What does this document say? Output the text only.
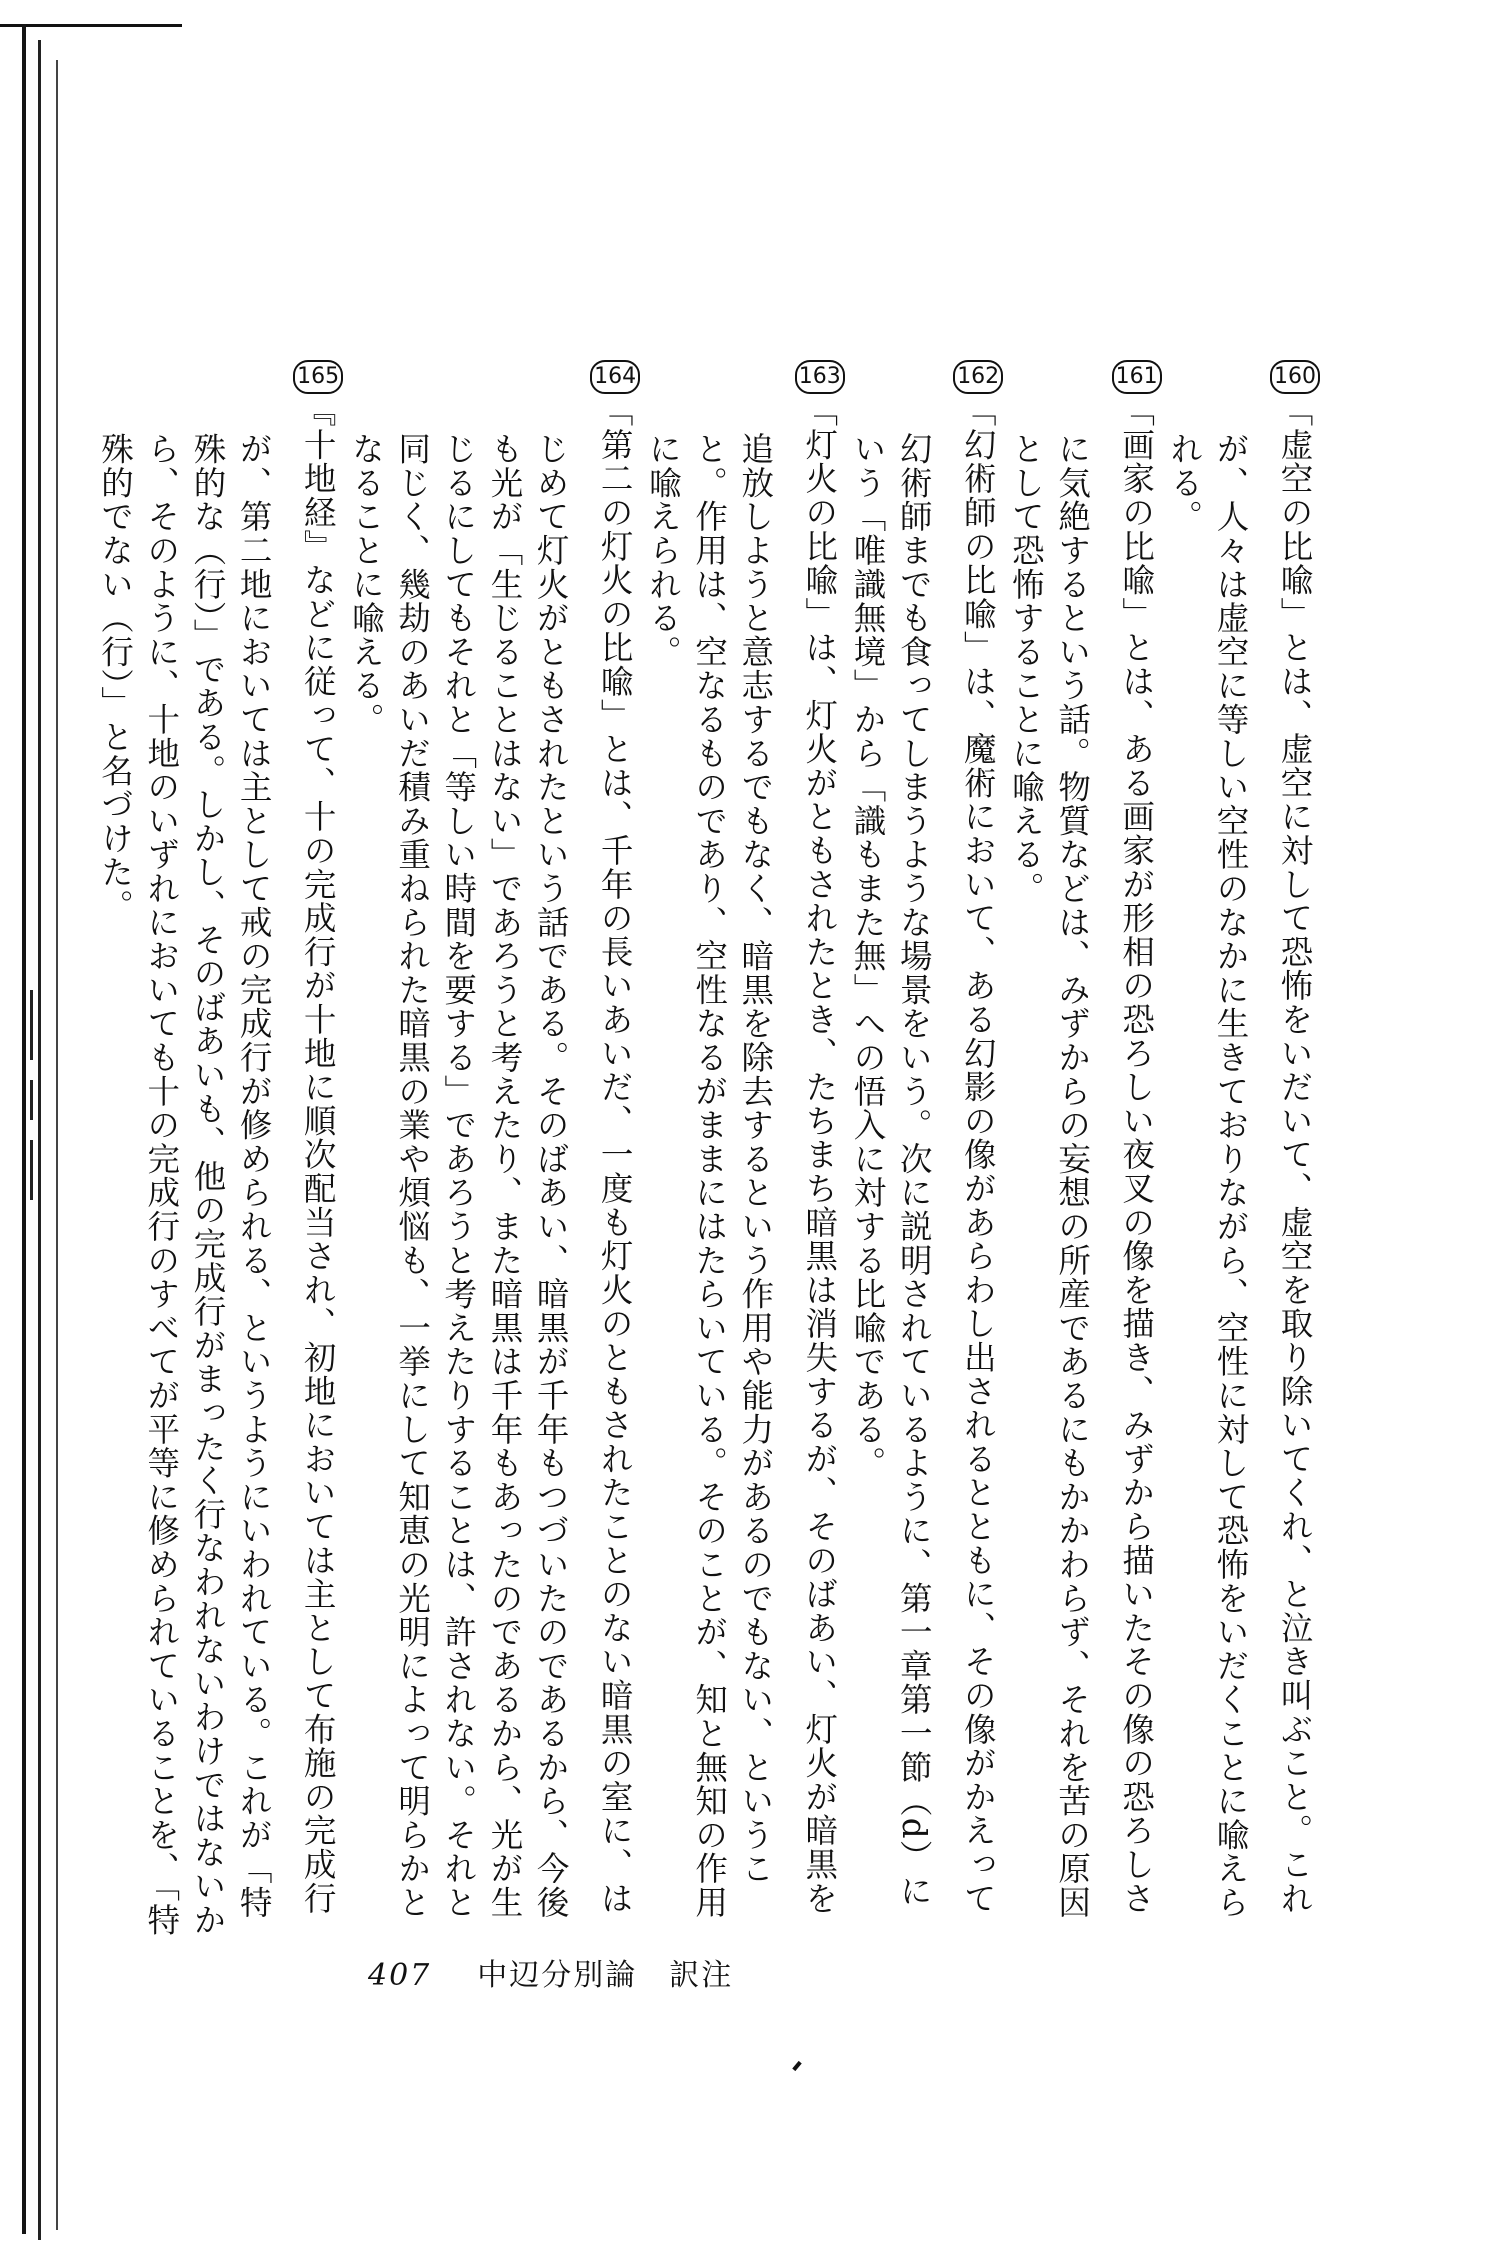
160「虚空の比喩」とは、虚空に対して恐怖をいだいて、虚空を取り除いてくれ、と泣き叫ぶこと。これが、人々は虚空に等しい空性のなかに生きておりながら、空性に対して恐怖をいだくことに喩えられる。

161「画家の比喩」とは、ある画家が形相の恐ろしい夜叉の像を描き、みずから描いたその像の恐ろしさに気絶するという話。物質などは、みずからの妄想の所産であるにもかかわらず、それを苦の原因として恐怖することに喩える。

162「幻術師の比喩」は、魔術において、ある幻影の像があらわし出されるとともに、その像がかえって幻術師までも食ってしまうような場景をいう。次に説明されているように、第一章第一節（d）にいう「唯識無境」から「識もまた無」への悟入に対する比喩である。

163「灯火の比喩」は、灯火がともされたとき、たちまち暗黒は消失するが、そのばあい、灯火が暗黒を追放しようと意志するでもなく、暗黒を除去するという作用や能力があるのでもない、ということ。作用は、空なるものであり、空性なるがままにはたらいている。そのことが、知と無知の作用に喩えられる。

164「第二の灯火の比喩」とは、千年の長いあいだ、一度も灯火のともされたことのない暗黒の室に、はじめて灯火がともされたという話である。そのばあい、暗黒が千年もつづいたのであるから、今後も光が「生じることはない」であろうと考えたり、また暗黒は千年もあったのであるから、光が生じるにしてもそれと「等しい時間を要する」であろうと考えたりすることは、許されない。それと同じく、幾劫のあいだ積み重ねられた暗黒の業や煩悩も、一挙にして知恵の光明によって明らかとなることに喩える。

165『十地経』などに従って、十の完成行が十地に順次配当され、初地においては主として布施の完成行が、第二地においては主として戒の完成行が修められる、というようにいわれている。これが「特殊的な（行）」である。しかし、そのばあいも、他の完成行がまったく行なわれないわけではないから、そのように、十地のいずれにおいても十の完成行のすべてが平等に修められていることを、「特殊的でない（行）」と名づけた。

407 中辺分別論　訳注
